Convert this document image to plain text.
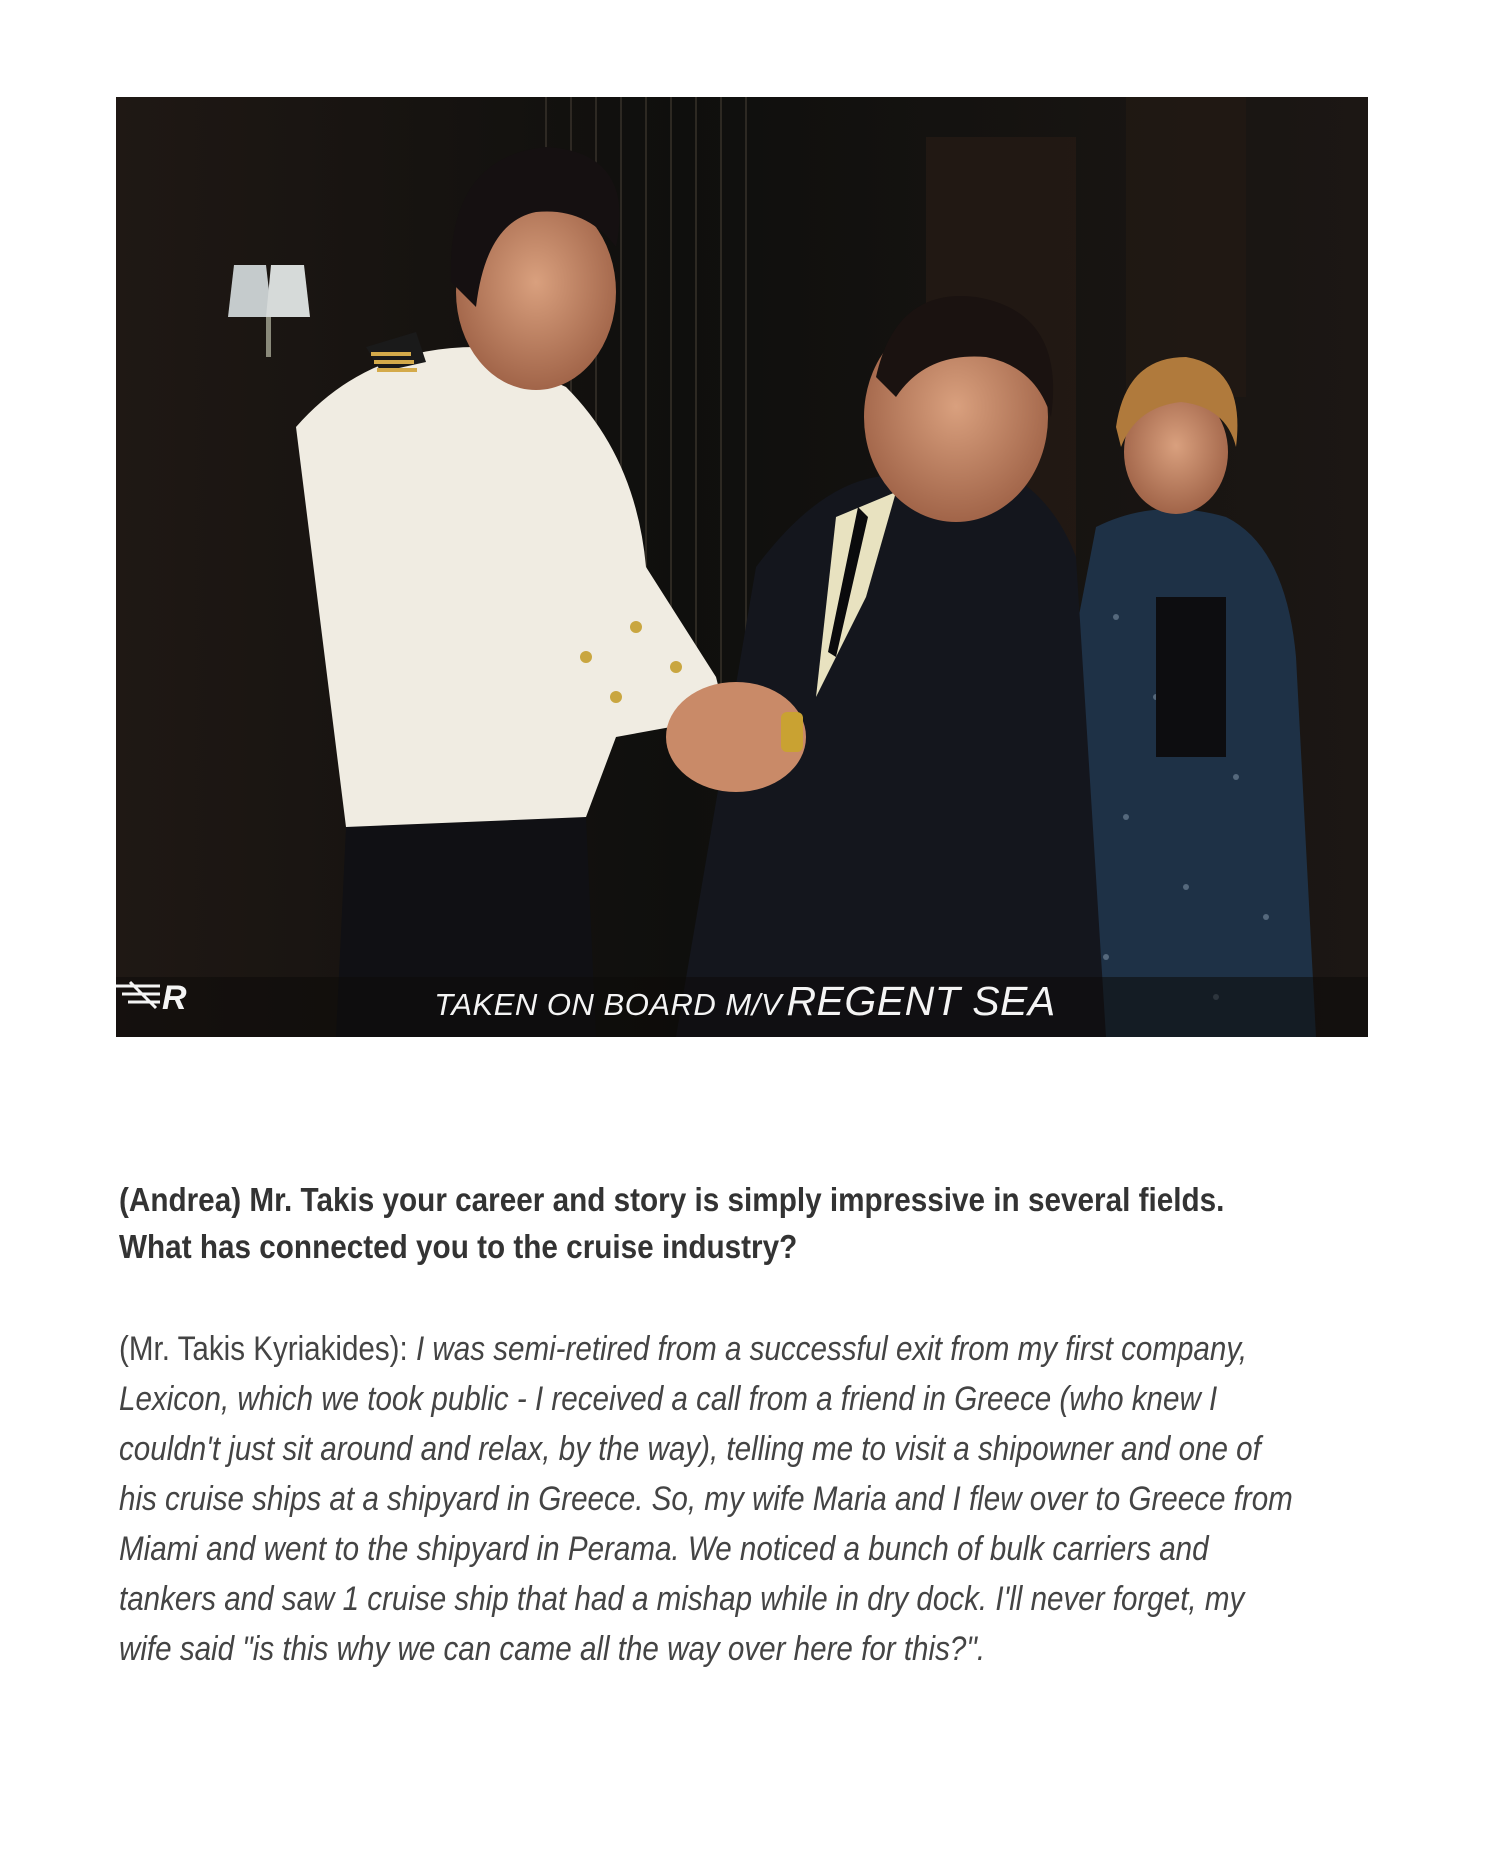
R	TAKEN ON BOARD M/V REGENT SEA
(Andrea) Mr. Takis your career and story is simply impressive in several fields. What has connected you to the cruise industry?
(Mr. Takis Kyriakides): I was semi-retired from a successful exit from my first company, Lexicon, which we took public - I received a call from a friend in Greece (who knew I couldn't just sit around and relax, by the way), telling me to visit a shipowner and one of his cruise ships at a shipyard in Greece. So, my wife Maria and I flew over to Greece from Miami and went to the shipyard in Perama. We noticed a bunch of bulk carriers and tankers and saw 1 cruise ship that had a mishap while in dry dock. I'll never forget, my wife said "is this why we can came all the way over here for this?".
